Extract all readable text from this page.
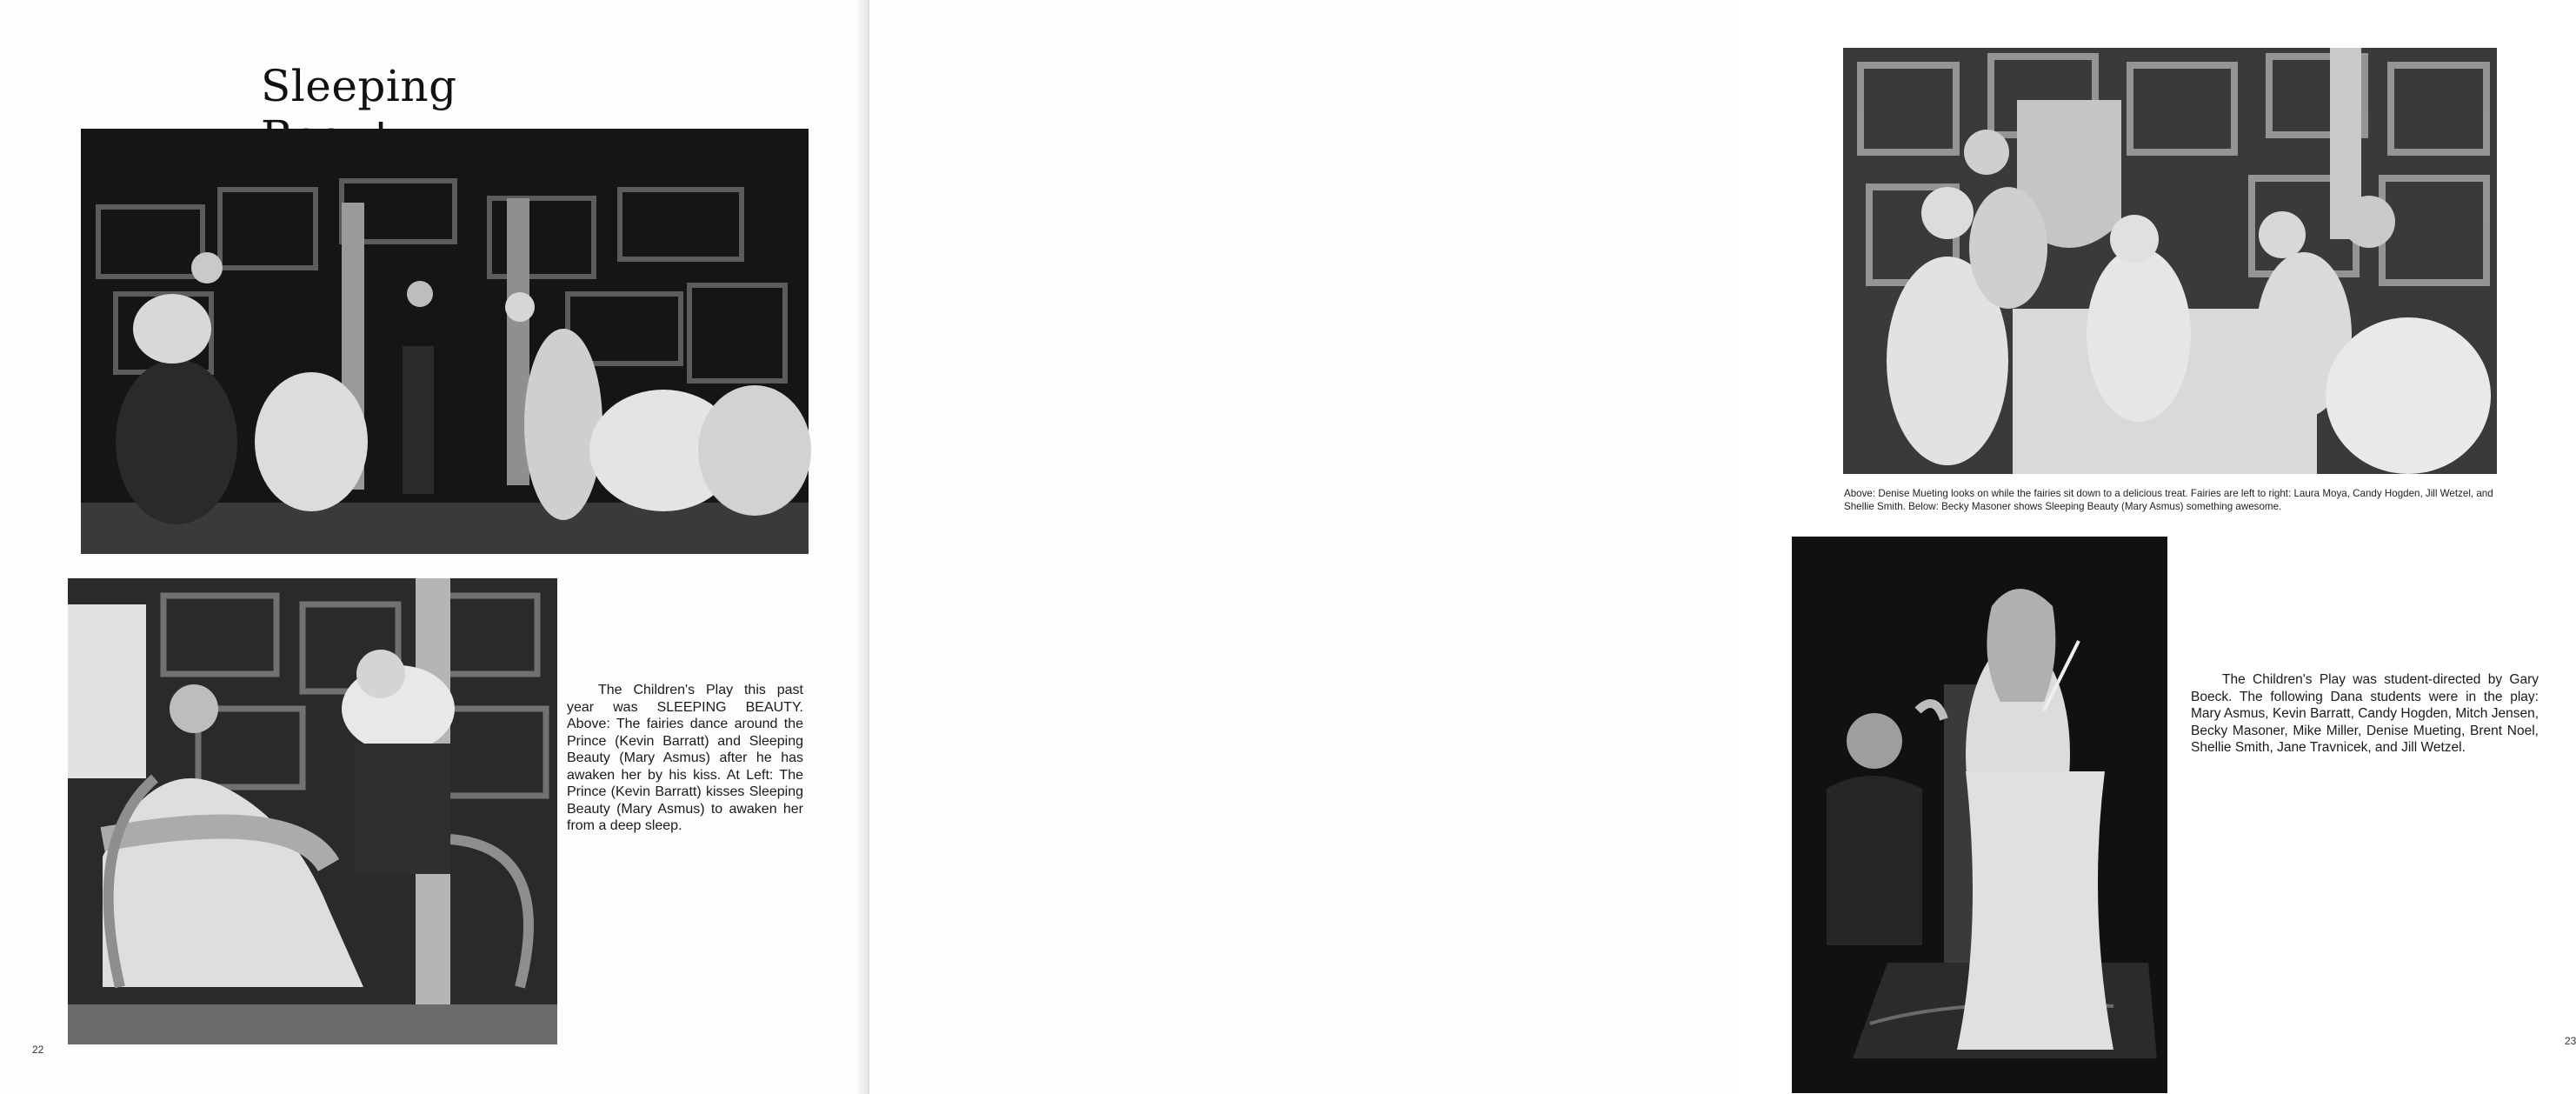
Sleeping

The Children's Play this past year was SLEEPING BEAUTY. Above: The fairies dance around the Prince (Kevin Barratt) and Sleeping Beauty (Mary Asmus) after he has awaken her by his kiss. At Left: The Prince (Kevin Barratt) kisses Sleeping Beauty (Mary Asmus) to awaken her from a deep sleep.

22

Above: Denise Mueting looks on while the fairies sit down to a delicious treat. Fairies are left to right: Laura Moya, Candy Hogden, Jill Wetzel, and Shellie Smith. Below: Becky Masoner shows Sleeping Beauty (Mary Asmus) something awesome.

The Children's Play was student-directed by Gary Boeck. The following Dana students were in the play: Mary Asmus, Kevin Barratt, Candy Hogden, Mitch Jensen, Becky Masoner, Mike Miller, Denise Mueting, Brent Noel, Shellie Smith, Jane Travnicek, and Jill Wetzel.

23
